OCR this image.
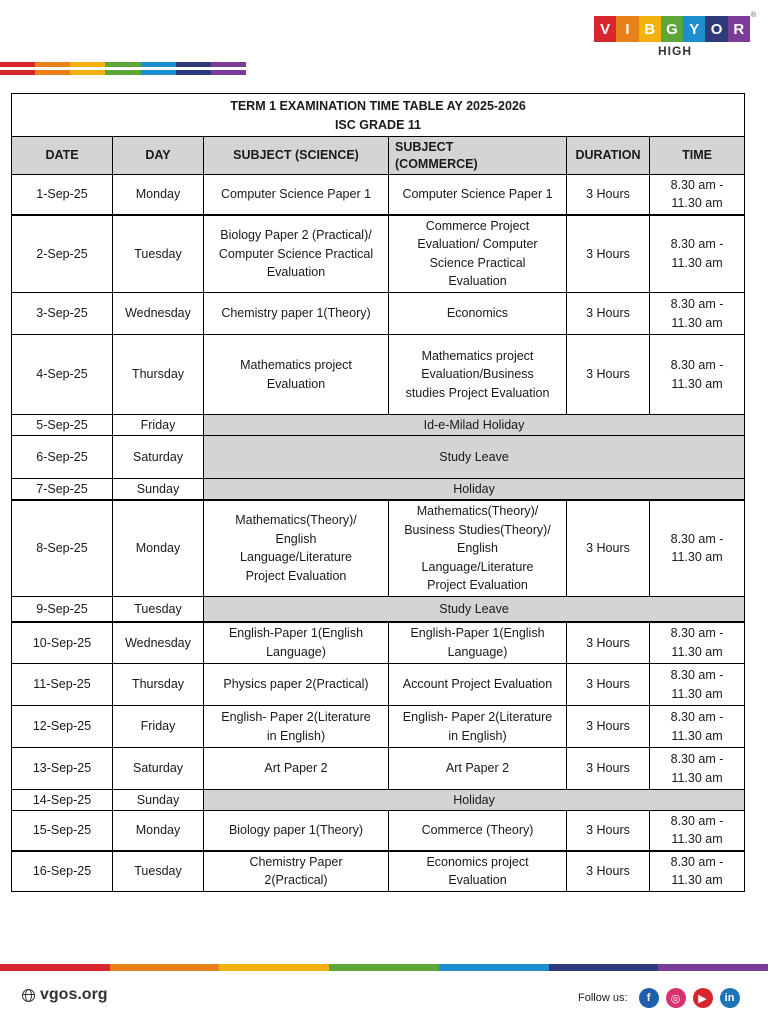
V	I B G Y O R
®
HIGH
TERM 1 EXAMINATION TIME TABLE AY 2025-2026
ISC GRADE 11					

DATE	DAY	SUBJECT (SCIENCE)	SUBJECT
(COMMERCE)	DURATION	TIME
1-Sep-25	Monday	Computer Science Paper 1	Computer Science Paper 1	3 Hours	8.30 am -
11.30 am
2-Sep-25	Tuesday	Biology Paper 2 (Practical)/
Computer Science Practical
Evaluation	Commerce Project
Evaluation/ Computer
Science Practical
Evaluation	3 Hours	8.30 am -
11.30 am
3-Sep-25	Wednesday	Chemistry paper 1(Theory)	Economics	3 Hours	8.30 am -
11.30 am
4-Sep-25	Thursday	Mathematics project
Evaluation	Mathematics project
Evaluation/Business
studies Project Evaluation	3 Hours	8.30 am -
11.30 am
5-Sep-25	Friday	Id-e-Milad Holiday			
6-Sep-25	Saturday	Study Leave			
7-Sep-25	Sunday	Holiday			
8-Sep-25	Monday	Mathematics(Theory)/
English
Language/Literature
Project Evaluation	Mathematics(Theory)/
Business Studies(Theory)/
English
Language/Literature
Project Evaluation	3 Hours	8.30 am -
11.30 am
9-Sep-25	Tuesday	Study Leave			
10-Sep-25	Wednesday	English-Paper 1(English
Language)	English-Paper 1(English
Language)	3 Hours	8.30 am -
11.30 am
11-Sep-25	Thursday	Physics paper 2(Practical)	Account Project Evaluation	3 Hours	8.30 am -
11.30 am
12-Sep-25	Friday	English- Paper 2(Literature
in English)	English- Paper 2(Literature
in English)	3 Hours	8.30 am -
11.30 am
13-Sep-25	Saturday	Art Paper 2	Art Paper 2	3 Hours	8.30 am -
11.30 am
14-Sep-25	Sunday	Holiday			
15-Sep-25	Monday	Biology paper 1(Theory)	Commerce (Theory)	3 Hours	8.30 am -
11.30 am
16-Sep-25	Tuesday	Chemistry Paper
2(Practical)	Economics project
Evaluation	3 Hours	8.30 am -
11.30 am
vgos.org	Follow us:	f	◎	▶	in
